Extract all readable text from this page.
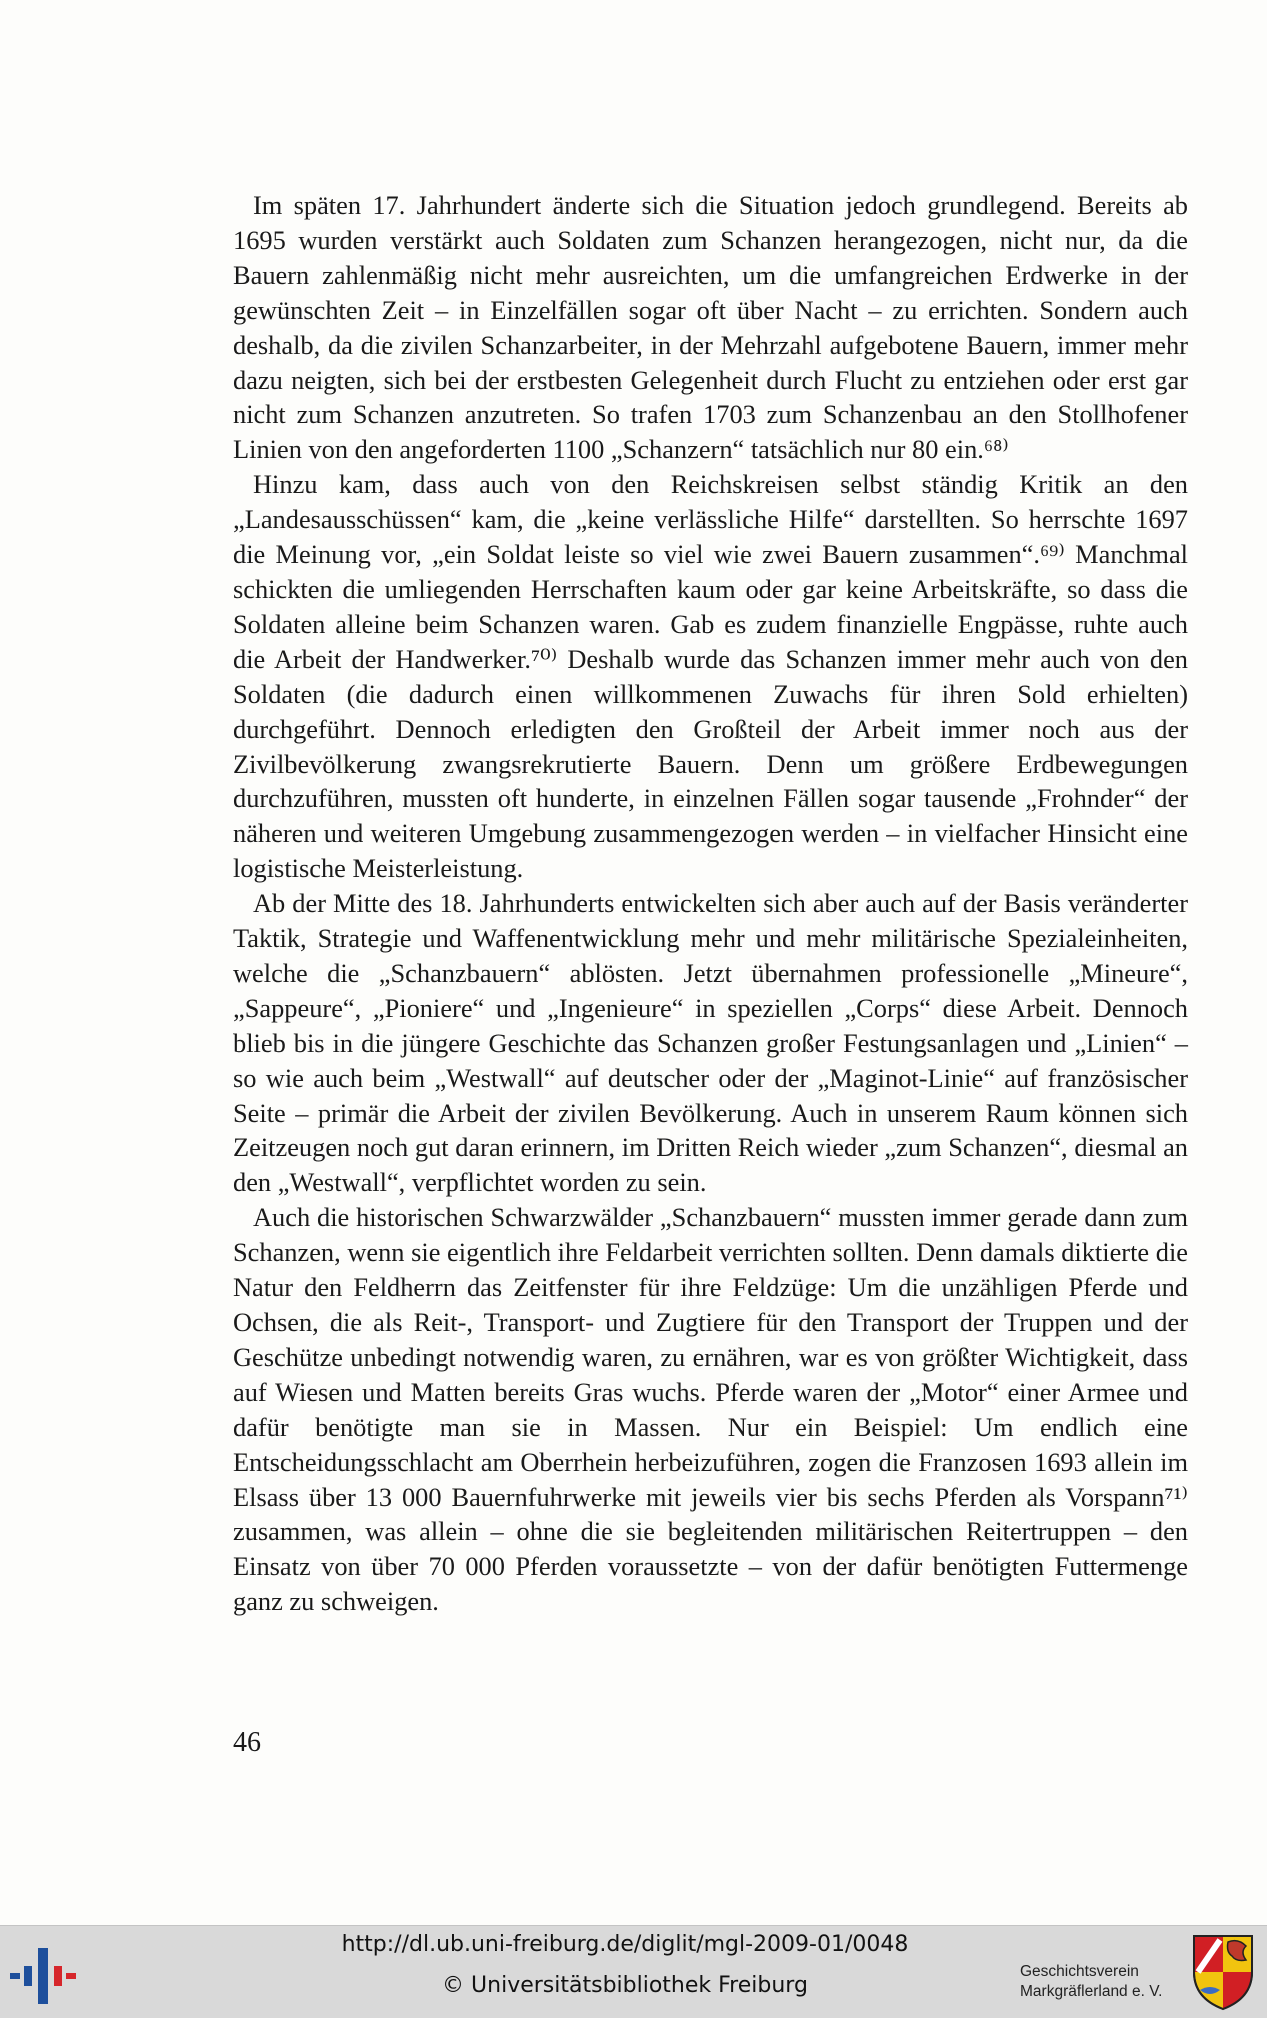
Im späten 17. Jahrhundert änderte sich die Situation jedoch grundlegend. Bereits ab 1695 wurden verstärkt auch Soldaten zum Schanzen herangezogen, nicht nur, da die Bauern zahlenmäßig nicht mehr ausreichten, um die umfangreichen Erdwerke in der gewünschten Zeit – in Einzelfällen sogar oft über Nacht – zu errichten. Sondern auch deshalb, da die zivilen Schanzarbeiter, in der Mehrzahl aufgebotene Bauern, immer mehr dazu neigten, sich bei der erstbesten Gelegenheit durch Flucht zu entziehen oder erst gar nicht zum Schanzen anzutreten. So trafen 1703 zum Schanzenbau an den Stollhofener Linien von den angeforderten 1100 „Schanzern“ tatsächlich nur 80 ein.⁶⁸⁾

Hinzu kam, dass auch von den Reichskreisen selbst ständig Kritik an den „Landesausschüssen“ kam, die „keine verlässliche Hilfe“ darstellten. So herrschte 1697 die Meinung vor, „ein Soldat leiste so viel wie zwei Bauern zusammen“.⁶⁹⁾ Manchmal schickten die umliegenden Herrschaften kaum oder gar keine Arbeitskräfte, so dass die Soldaten alleine beim Schanzen waren. Gab es zudem finanzielle Engpässe, ruhte auch die Arbeit der Handwerker.⁷⁰⁾ Deshalb wurde das Schanzen immer mehr auch von den Soldaten (die dadurch einen willkommenen Zuwachs für ihren Sold erhielten) durchgeführt. Dennoch erledigten den Großteil der Arbeit immer noch aus der Zivilbevölkerung zwangsrekrutierte Bauern. Denn um größere Erdbewegungen durchzuführen, mussten oft hunderte, in einzelnen Fällen sogar tausende „Frohnder“ der näheren und weiteren Umgebung zusammengezogen werden – in vielfacher Hinsicht eine logistische Meisterleistung.

Ab der Mitte des 18. Jahrhunderts entwickelten sich aber auch auf der Basis veränderter Taktik, Strategie und Waffenentwicklung mehr und mehr militärische Spezialeinheiten, welche die „Schanzbauern“ ablösten. Jetzt übernahmen professionelle „Mineure“, „Sappeure“, „Pioniere“ und „Ingenieure“ in speziellen „Corps“ diese Arbeit. Dennoch blieb bis in die jüngere Geschichte das Schanzen großer Festungsanlagen und „Linien“ – so wie auch beim „Westwall“ auf deutscher oder der „Maginot-Linie“ auf französischer Seite – primär die Arbeit der zivilen Bevölkerung. Auch in unserem Raum können sich Zeitzeugen noch gut daran erinnern, im Dritten Reich wieder „zum Schanzen“, diesmal an den „Westwall“, verpflichtet worden zu sein.

Auch die historischen Schwarzwälder „Schanzbauern“ mussten immer gerade dann zum Schanzen, wenn sie eigentlich ihre Feldarbeit verrichten sollten. Denn damals diktierte die Natur den Feldherrn das Zeitfenster für ihre Feldzüge: Um die unzähligen Pferde und Ochsen, die als Reit-, Transport- und Zugtiere für den Transport der Truppen und der Geschütze unbedingt notwendig waren, zu ernähren, war es von größter Wichtigkeit, dass auf Wiesen und Matten bereits Gras wuchs. Pferde waren der „Motor“ einer Armee und dafür benötigte man sie in Massen. Nur ein Beispiel: Um endlich eine Entscheidungsschlacht am Oberrhein herbeizuführen, zogen die Franzosen 1693 allein im Elsass über 13 000 Bauernfuhrwerke mit jeweils vier bis sechs Pferden als Vorspann⁷¹⁾ zusammen, was allein – ohne die sie begleitenden militärischen Reitertruppen – den Einsatz von über 70 000 Pferden voraussetzte – von der dafür benötigten Futtermenge ganz zu schweigen.

46
http://dl.ub.uni-freiburg.de/diglit/mgl-2009-01/0048
© Universitätsbibliothek Freiburg
Geschichtsverein
Markgräflerland e. V.
